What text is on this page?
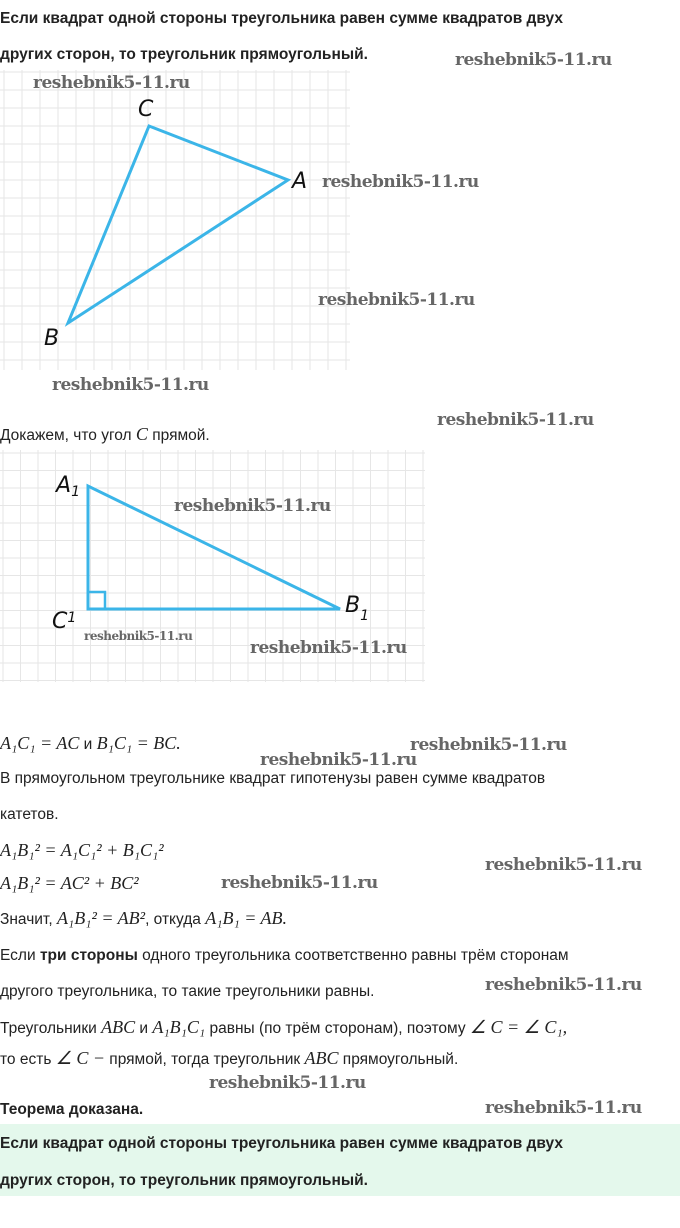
Если квадрат одной стороны треугольника равен сумме квадратов двух
других сторон, то треугольник прямоугольный.
C
A
B
Докажем, что угол C прямой.
A1
$C^1$	$B_1$
A₁C₁ = AC и B₁C₁ = BC.
В прямоугольном треугольнике квадрат гипотенузы равен сумме квадратов
катетов.
A₁B₁² = A₁C₁² + B₁C₁²
A₁B₁² = AC² + BC²
Значит, A₁B₁² = AB², откуда A₁B₁ = AB.
Если три стороны одного треугольника соответственно равны трём сторонам
другого треугольника, то такие треугольники равны.
Треугольники ABC и A₁B₁C₁ равны (по трём сторонам), поэтому ∠ C = ∠ C₁,
то есть ∠ C − прямой, тогда треугольник ABC прямоугольный.
Теорема доказана.
Если квадрат одной стороны треугольника равен сумме квадратов двух
других сторон, то треугольник прямоугольный.
reshebnik5-11.ru
reshebnik5-11.ru
reshebnik5-11.ru
reshebnik5-11.ru
reshebnik5-11.ru
reshebnik5-11.ru
reshebnik5-11.ru
reshebnik5-11.ru
reshebnik5-11.ru
reshebnik5-11.ru
reshebnik5-11.ru
reshebnik5-11.ru
reshebnik5-11.ru
reshebnik5-11.ru
reshebnik5-11.ru
reshebnik5-11.ru
